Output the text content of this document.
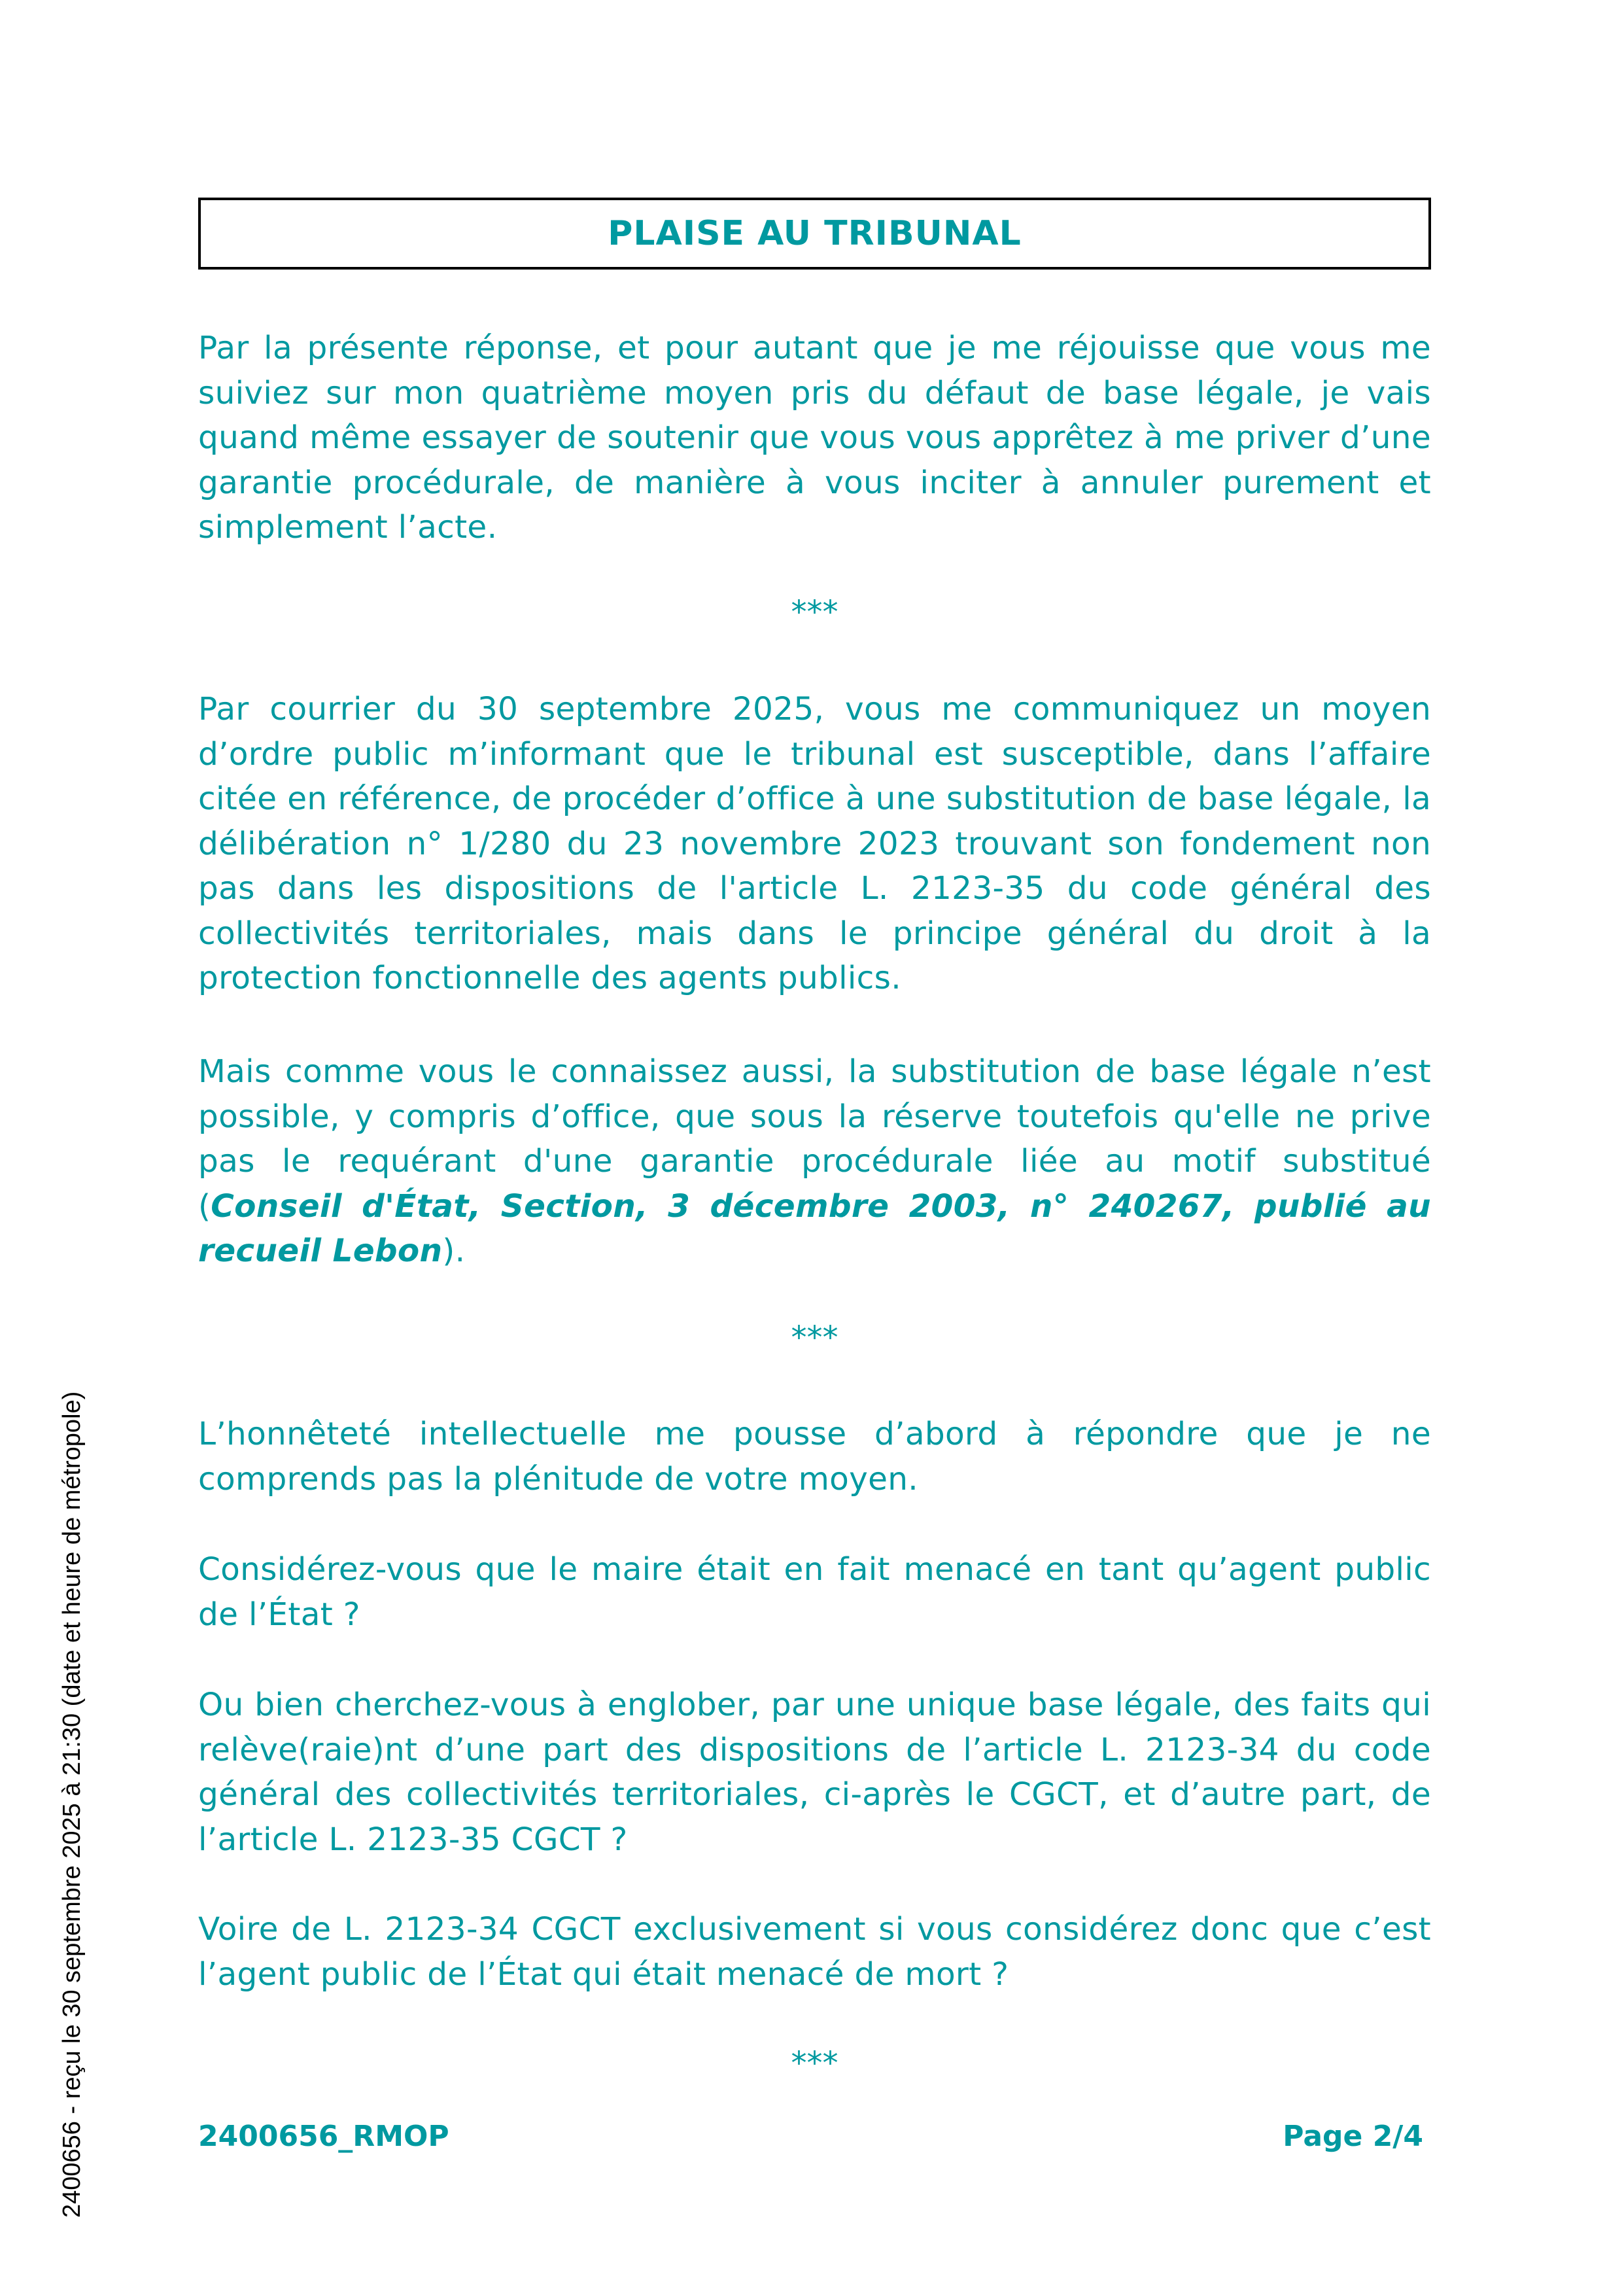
PLAISE AU TRIBUNAL

Par la présente réponse, et pour autant que je me réjouisse que vous me suiviez sur mon quatrième moyen pris du défaut de base légale, je vais quand même essayer de soutenir que vous vous apprêtez à me priver d’une garantie procédurale, de manière à vous inciter à annuler purement et simplement l’acte.

***

Par courrier du 30 septembre 2025, vous me communiquez un moyen d’ordre public m’informant que le tribunal est susceptible, dans l’affaire citée en référence, de procéder d’office à une substitution de base légale, la délibération n° 1/280 du 23 novembre 2023 trouvant son fondement non pas dans les dispositions de l'article L. 2123-35 du code général des collectivités territoriales, mais dans le principe général du droit à la protection fonctionnelle des agents publics.

Mais comme vous le connaissez aussi, la substitution de base légale n’est possible, y compris d’office, que sous la réserve toutefois qu'elle ne prive pas le requérant d'une garantie procédurale liée au motif substitué (Conseil d'État, Section, 3 décembre 2003, n° 240267, publié au recueil Lebon).

***

L’honnêteté intellectuelle me pousse d’abord à répondre que je ne comprends pas la plénitude de votre moyen.

Considérez-vous que le maire était en fait menacé en tant qu’agent public de l’État ?

Ou bien cherchez-vous à englober, par une unique base légale, des faits qui relève(raie)nt d’une part des dispositions de l’article L. 2123-34 du code général des collectivités territoriales, ci-après le CGCT, et d’autre part, de l’article L. 2123-35 CGCT ?

Voire de L. 2123-34 CGCT exclusivement si vous considérez donc que c’est l’agent public de l’État qui était menacé de mort ?

***
2400656_RMOP	Page 2/4
2400656 - reçu le 30 septembre 2025 à 21:30 (date et heure de métropole)
